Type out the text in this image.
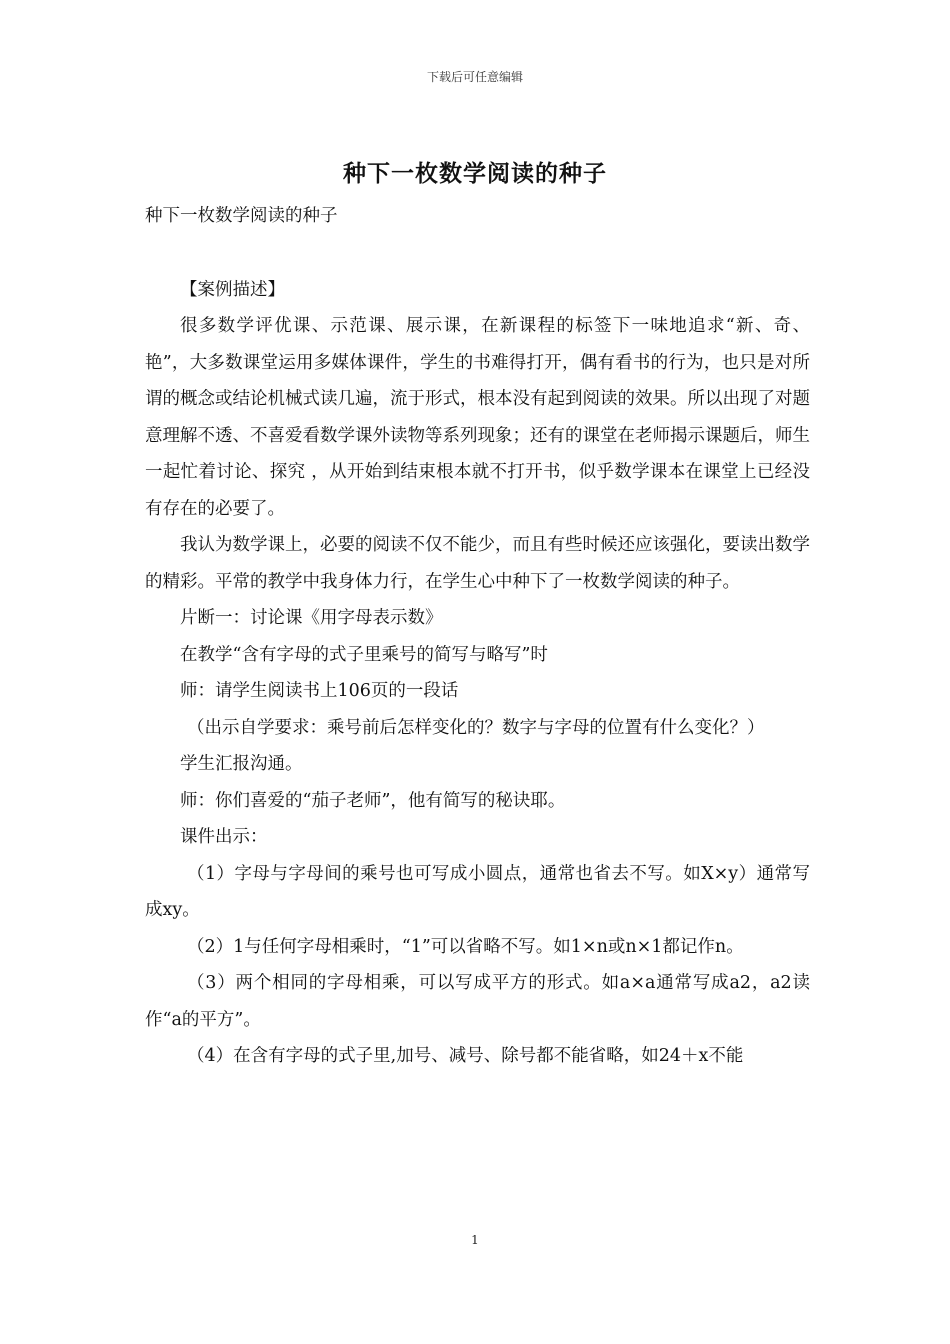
下载后可任意编辑
种下一枚数学阅读的种子

种下一枚数学阅读的种子

【案例描述】

很多数学评优课、示范课、展示课，在新课程的标签下一味地追求“新、奇、艳”，大多数课堂运用多媒体课件，学生的书难得打开，偶有看书的行为，也只是对所谓的概念或结论机械式读几遍，流于形式，根本没有起到阅读的效果。所以出现了对题意理解不透、不喜爱看数学课外读物等系列现象；还有的课堂在老师揭示课题后，师生一起忙着讨论、探究 ，从开始到结束根本就不打开书，似乎数学课本在课堂上已经没有存在的必要了。

我认为数学课上，必要的阅读不仅不能少，而且有些时候还应该强化，要读出数学的精彩。平常的教学中我身体力行，在学生心中种下了一枚数学阅读的种子。

片断一：讨论课《用字母表示数》

在教学“含有字母的式子里乘号的简写与略写”时

师：请学生阅读书上106页的一段话

（出示自学要求：乘号前后怎样变化的？数字与字母的位置有什么变化？）

学生汇报沟通。

师：你们喜爱的“茄子老师”，他有简写的秘诀耶。

课件出示：

（1）字母与字母间的乘号也可写成小圆点，通常也省去不写。如X×y）通常写成xy。

（2）1与任何字母相乘时，“1”可以省略不写。如1×n或n×1都记作n。

（3）两个相同的字母相乘，可以写成平方的形式。如a×a通常写成a2，a2读作“a的平方”。

（4）在含有字母的式子里,加号、减号、除号都不能省略，如24＋x不能

1
